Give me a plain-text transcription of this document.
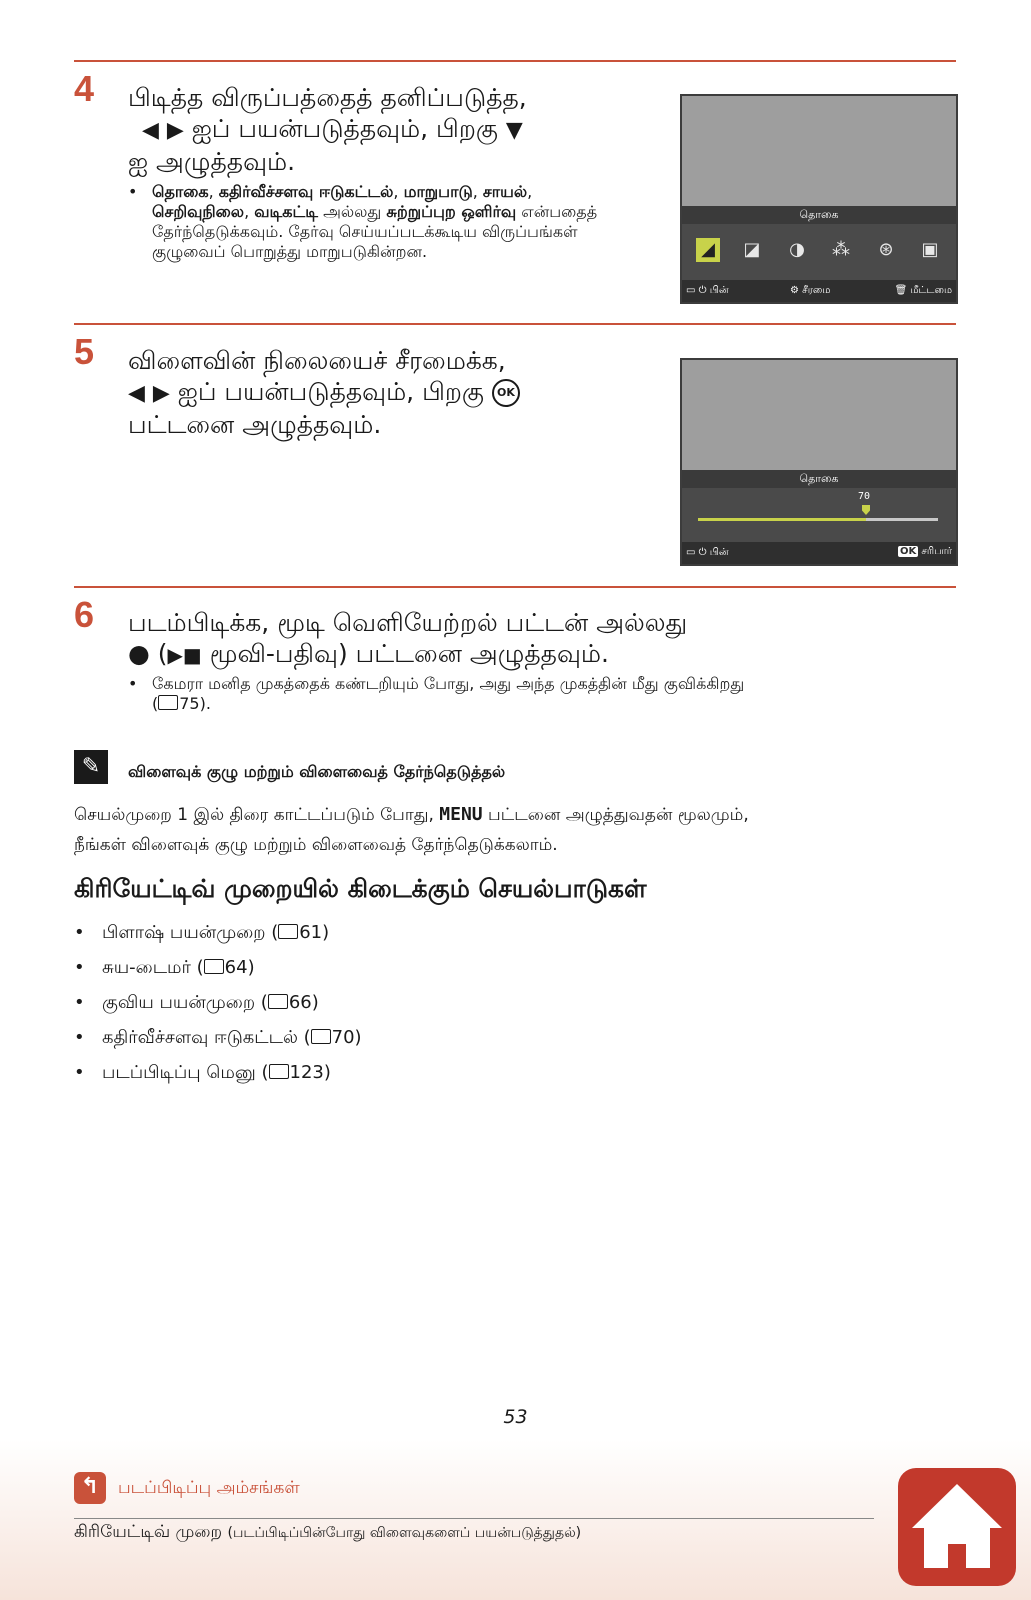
4 பிடித்த விருப்பத்தைத் தனிப்படுத்த,
◀ ▶ ஐப் பயன்படுத்தவும், பிறகு ▼
ஐ அழுத்தவும்.
• தொகை, கதிர்வீச்சளவு ஈடுகட்டல், மாறுபாடு, சாயல், செறிவுநிலை, வடிகட்டி அல்லது சுற்றுப்புற ஒளிர்வு என்பதைத் தேர்ந்தெடுக்கவும். தேர்வு செய்யப்படக்கூடிய விருப்பங்கள் குழுவைப் பொறுத்து மாறுபடுகின்றன.
தொகை
◢ ◪ ◑ ⁂ ⊛ ▣
▭ ⏻ பின்	⚙ சீரமை	🗑 மீட்டமை
5 விளைவின் நிலையைச் சீரமைக்க,
◀ ▶ ஐப் பயன்படுத்தவும், பிறகு OK
பட்டனை அழுத்தவும்.
தொகை
70
▭ ⏻ பின்	OK சரிபார்
6 படம்பிடிக்க, மூடி வெளியேற்றல் பட்டன் அல்லது
● (▶■ மூவி-பதிவு) பட்டனை அழுத்தவும்.
• கேமரா மனித முகத்தைக் கண்டறியும் போது, அது அந்த முகத்தின் மீது குவிக்கிறது
( 75).
✎	விளைவுக் குழு மற்றும் விளைவைத் தேர்ந்தெடுத்தல்
செயல்முறை 1 இல் திரை காட்டப்படும் போது, MENU பட்டனை அழுத்துவதன் மூலமும்,
நீங்கள் விளைவுக் குழு மற்றும் விளைவைத் தேர்ந்தெடுக்கலாம்.
கிரியேட்டிவ் முறையில் கிடைக்கும் செயல்பாடுகள்
• பிளாஷ் பயன்முறை ( 61)
• சுய-டைமர் ( 64)
• குவிய பயன்முறை ( 66)
• கதிர்வீச்சளவு ஈடுகட்டல் ( 70)
• படப்பிடிப்பு மெனு ( 123)
53
↰	படப்பிடிப்பு அம்சங்கள்
கிரியேட்டிவ் முறை (படப்பிடிப்பின்போது விளைவுகளைப் பயன்படுத்துதல்)
